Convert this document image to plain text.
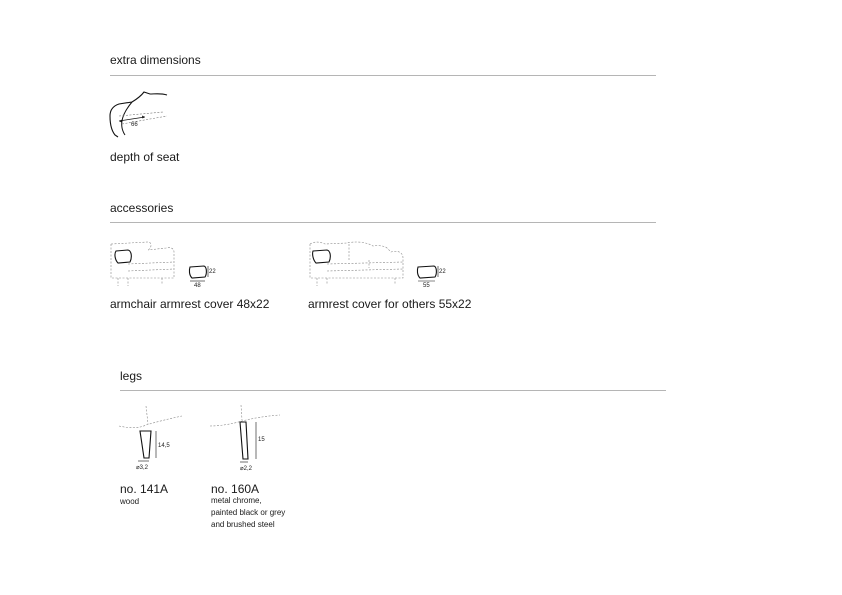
extra dimensions
66
depth of seat
accessories
22
48
armchair armrest cover 48x22
22
55
armrest cover for others 55x22
legs
14,5
⌀3,2
no. 141A
wood
15
⌀2,2
no. 160A
metal chrome,
painted black or grey
and brushed steel
